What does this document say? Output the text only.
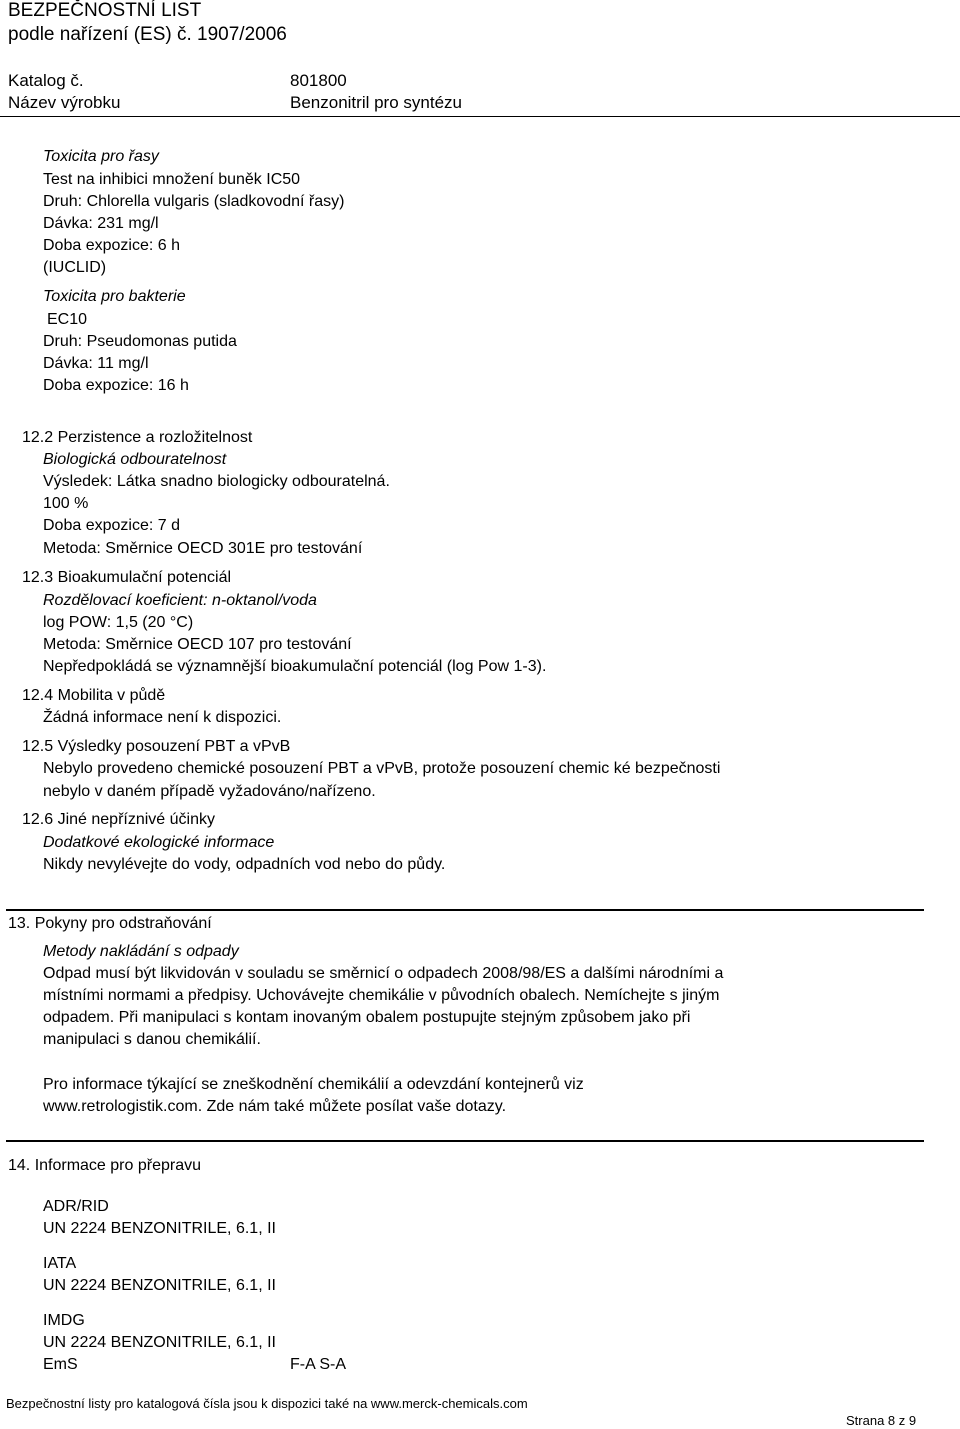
BEZPEČNOSTNÍ LIST
podle nařízení (ES) č. 1907/2006
Katalog č.	801800
Název výrobku	Benzonitril pro syntézu
Toxicita pro řasy
Test na inhibici množení buněk IC50
Druh: Chlorella vulgaris (sladkovodní řasy)
Dávka: 231 mg/l
Doba expozice: 6 h
(IUCLID)
Toxicita pro bakterie
EC10
Druh: Pseudomonas putida
Dávka: 11 mg/l
Doba expozice: 16 h
12.2 Perzistence a rozložitelnost
Biologická odbouratelnost
Výsledek: Látka snadno biologicky odbouratelná.
100 %
Doba expozice: 7 d
Metoda: Směrnice OECD 301E pro testování
12.3 Bioakumulační potenciál
Rozdělovací koeficient: n-oktanol/voda
log POW: 1,5 (20 °C)
Metoda: Směrnice OECD 107 pro testování
Nepředpokládá se významnější bioakumulační potenciál (log Pow 1-3).
12.4 Mobilita v půdě
Žádná informace není k dispozici.
12.5 Výsledky posouzení PBT a vPvB
Nebylo provedeno chemické posouzení PBT a vPvB, protože posouzení chemic ké bezpečnosti
nebylo v daném případě vyžadováno/nařízeno.
12.6 Jiné nepříznivé účinky
Dodatkové ekologické informace
Nikdy nevylévejte do vody, odpadních vod nebo do půdy.
13. Pokyny pro odstraňování
Metody nakládání s odpady
Odpad musí být likvidován v souladu se směrnicí o odpadech 2008/98/ES a dalšími národními a
místními normami a předpisy. Uchovávejte chemikálie v původních obalech. Nemíchejte s jiným
odpadem. Při manipulaci s kontam inovaným obalem postupujte stejným způsobem jako při
manipulaci s danou chemikálií.
Pro informace týkající se zneškodnění chemikálií a odevzdání kontejnerů viz
www.retrologistik.com. Zde nám také můžete posílat vaše dotazy.
14. Informace pro přepravu
ADR/RID
UN 2224 BENZONITRILE, 6.1, II
IATA
UN 2224 BENZONITRILE, 6.1, II
IMDG
UN 2224 BENZONITRILE, 6.1, II
EmS	F-A S-A
Bezpečnostní listy pro katalogová čísla jsou k dispozici také na www.merck-chemicals.com
Strana 8 z 9
